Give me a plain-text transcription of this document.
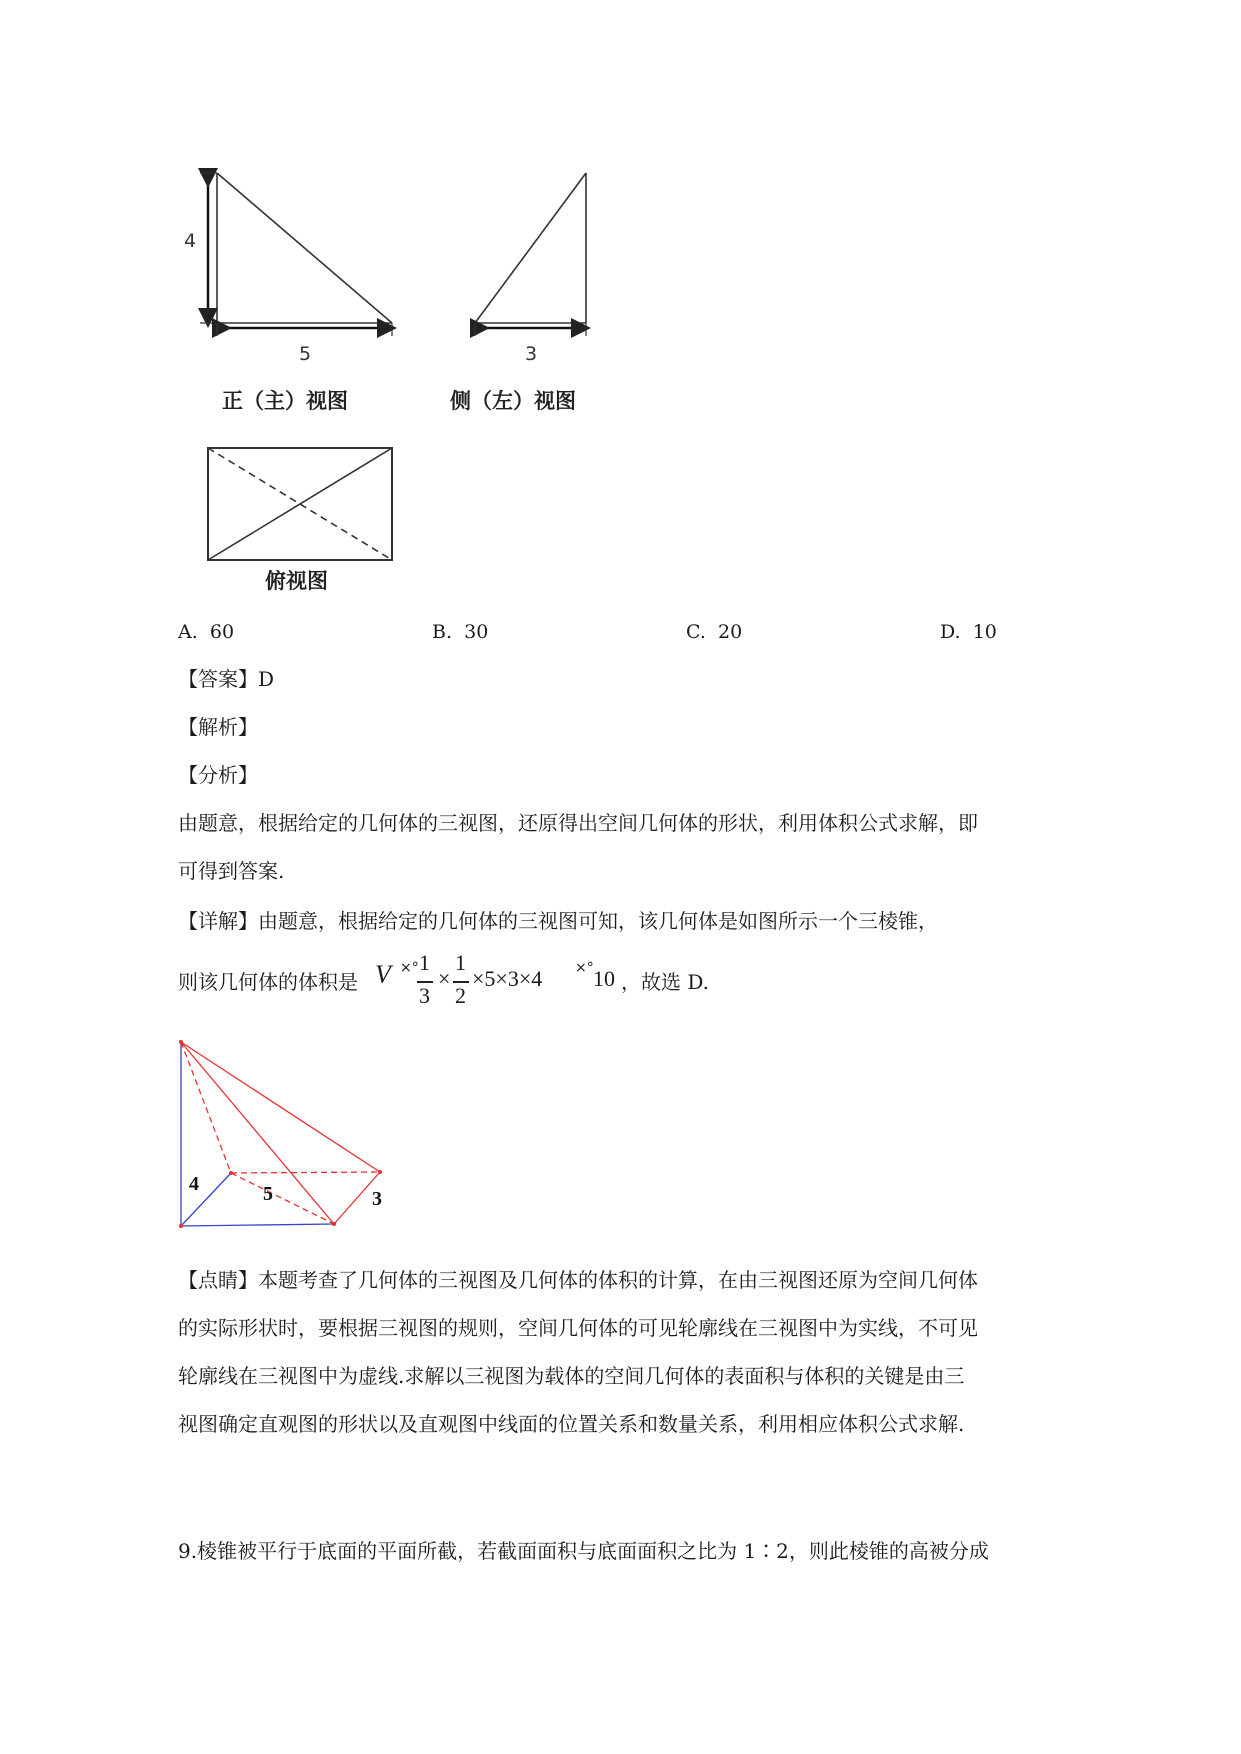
4
5	3
正（主）视图	侧（左）视图
俯视图
A. 60	B. 30	C. 20	D. 10
【答案】D
【解析】
【分析】
由题意，根据给定的几何体的三视图，还原得出空间几何体的形状，利用体积公式求解，即
可得到答案.
【详解】由题意，根据给定的几何体的三视图可知，该几何体是如图所示一个三棱锥，
则该几何体的体积是 V ×° 1
3
×
1
2
×5×3×4 ×° 10 ，故选 D.
4	5	3
【点睛】本题考查了几何体的三视图及几何体的体积的计算，在由三视图还原为空间几何体
的实际形状时，要根据三视图的规则，空间几何体的可见轮廓线在三视图中为实线，不可见
轮廓线在三视图中为虚线.求解以三视图为载体的空间几何体的表面积与体积的关键是由三
视图确定直观图的形状以及直观图中线面的位置关系和数量关系，利用相应体积公式求解.
9.棱锥被平行于底面的平面所截，若截面面积与底面面积之比为 1∶2，则此棱锥的高被分成
